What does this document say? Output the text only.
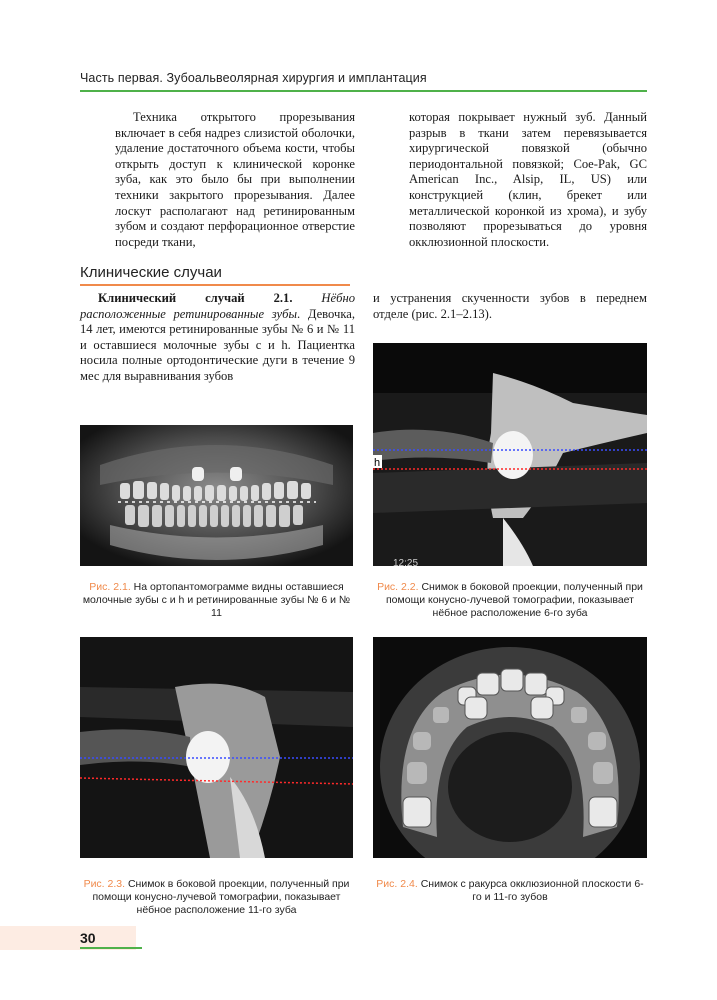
Часть первая. Зубоальвеолярная хирургия и имплантация

Техника открытого прорезывания включает в себя надрез слизистой оболочки, удаление достаточного объема кости, чтобы открыть доступ к клинической коронке зуба, как это было бы при выполнении техники закрытого прорезывания. Далее лоскут располагают над ретинированным зубом и создают перфорационное отверстие посреди ткани,

которая покрывает нужный зуб. Данный разрыв в ткани затем перевязывается хирургической повязкой (обычно периодонтальной повязкой; Coe-Pak, GC American Inc., Alsip, IL, US) или конструкцией (клин, брекет или металлической коронкой из хрома), и зубу позволяют прорезываться до уровня окклюзионной плоскости.

Клинические случаи

Клинический случай 2.1. Нёбно расположенные ретинированные зубы. Девочка, 14 лет, имеются ретинированные зубы № 6 и № 11 и оставшиеся молочные зубы c и h. Пациентка носила полные ортодонтические дуги в течение 9 мес для выравнивания зубов

и устранения скученности зубов в переднем отделе (рис. 2.1–2.13).

Рис. 2.1. На ортопантомограмме видны оставшиеся молочные зубы c и h и ретинированные зубы № 6 и № 11
h
12:25
Рис. 2.2. Снимок в боковой проекции, полученный при помощи конусно-лучевой томографии, показывает нёбное расположение 6-го зуба
Рис. 2.3. Снимок в боковой проекции, полученный при помощи конусно-лучевой томографии, показывает нёбное расположение 11-го зуба
Рис. 2.4. Снимок с ракурса окклюзионной плоскости 6-го и 11-го зубов
30
